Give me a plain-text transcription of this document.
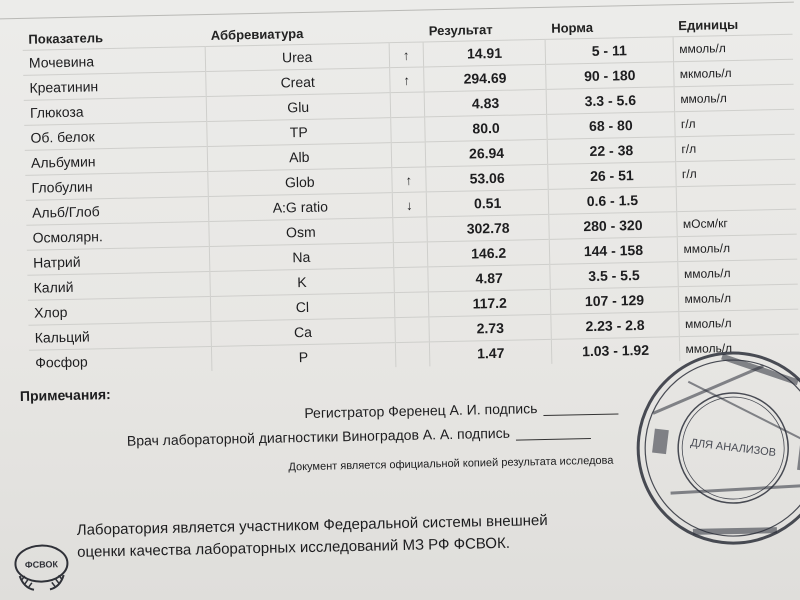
Показатель	Аббревиатура		Результат	Норма	Единицы
Мочевина	Urea	↑	14.91	5 - 11	ммоль/л
Креатинин	Creat	↑	294.69	90 - 180	мкмоль/л
Глюкоза	Glu		4.83	3.3 - 5.6	ммоль/л
Об. белок	TP		80.0	68 - 80	г/л
Альбумин	Alb		26.94	22 - 38	г/л
Глобулин	Glob	↑	53.06	26 - 51	г/л
Альб/Глоб	A:G ratio	↓	0.51	0.6 - 1.5	
Осмолярн.	Osm		302.78	280 - 320	мОсм/кг
Натрий	Na		146.2	144 - 158	ммоль/л
Калий	K		4.87	3.5 - 5.5	ммоль/л
Хлор	Cl		117.2	107 - 129	ммоль/л
Кальций	Ca		2.73	2.23 - 2.8	ммоль/л
Фосфор	P		1.47	1.03 - 1.92	ммоль/л
Примечания:
Регистратор Ференец А. И. подпись
Врач лабораторной диагностики Виноградов А. А. подпись
Документ является официальной копией результата исследова
ДЛЯ АНАЛИЗОВ
ФСВОК
Лаборатория является участником Федеральной системы внешней
оценки качества лабораторных исследований МЗ РФ ФСВОК.
